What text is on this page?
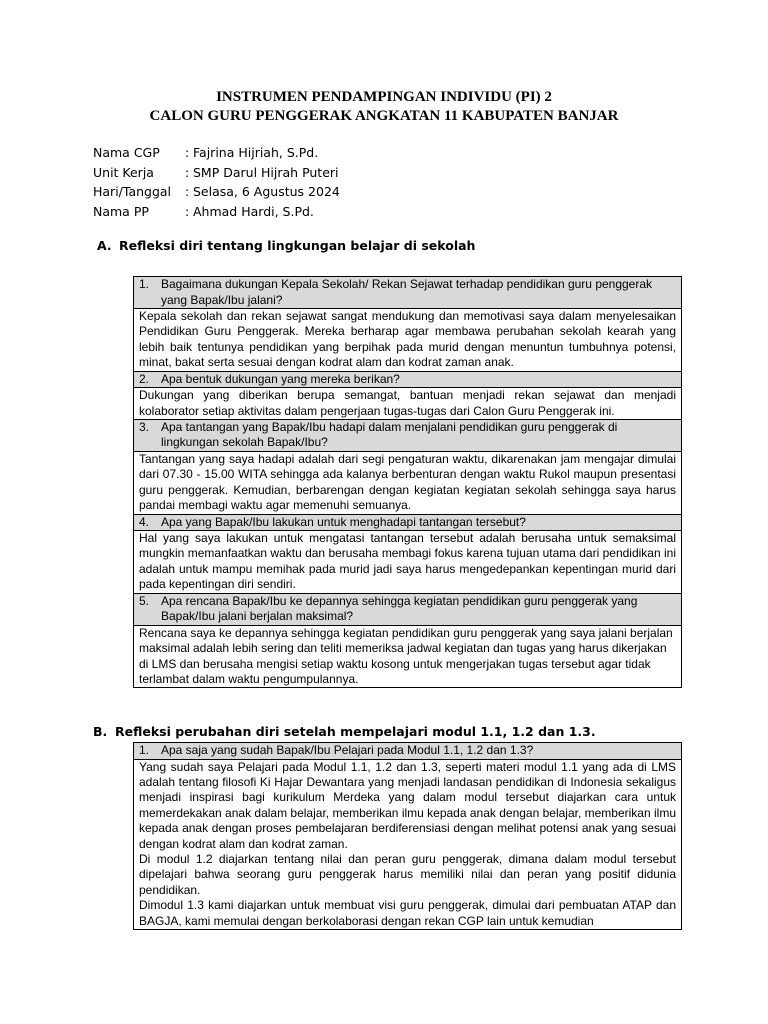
INSTRUMEN PENDAMPINGAN INDIVIDU (PI) 2
CALON GURU PENGGERAK ANGKATAN 11 KABUPATEN BANJAR
Nama CGP	: Fajrina Hijriah, S.Pd.
Unit Kerja	: SMP Darul Hijrah Puteri
Hari/Tanggal	: Selasa, 6 Agustus 2024
Nama PP	: Ahmad Hardi, S.Pd.
A. Refleksi diri tentang lingkungan belajar di sekolah
1. Bagaimana dukungan Kepala Sekolah/ Rekan Sejawat terhadap pendidikan guru penggerak yang Bapak/Ibu jalani?

Kepala sekolah dan rekan sejawat sangat mendukung dan memotivasi saya dalam menyelesaikan Pendidikan Guru Penggerak. Mereka berharap agar membawa perubahan sekolah kearah yang lebih baik tentunya pendidikan yang berpihak pada murid dengan menuntun tumbuhnya potensi, minat, bakat serta sesuai dengan kodrat alam dan kodrat zaman anak.

2. Apa bentuk dukungan yang mereka berikan?

Dukungan yang diberikan berupa semangat, bantuan menjadi rekan sejawat dan menjadi kolaborator setiap aktivitas dalam pengerjaan tugas-tugas dari Calon Guru Penggerak ini.

3. Apa tantangan yang Bapak/Ibu hadapi dalam menjalani pendidikan guru penggerak di lingkungan sekolah Bapak/Ibu?

Tantangan yang saya hadapi adalah dari segi pengaturan waktu, dikarenakan jam mengajar dimulai dari 07.30 - 15.00 WITA sehingga ada kalanya berbenturan dengan waktu Rukol maupun presentasi guru penggerak. Kemudian, berbarengan dengan kegiatan kegiatan sekolah sehingga saya harus pandai membagi waktu agar memenuhi semuanya.

4. Apa yang Bapak/Ibu lakukan untuk menghadapi tantangan tersebut?

Hal yang saya lakukan untuk mengatasi tantangan tersebut adalah berusaha untuk semaksimal mungkin memanfaatkan waktu dan berusaha membagi fokus karena tujuan utama dari pendidikan ini adalah untuk mampu memihak pada murid jadi saya harus mengedepankan kepentingan murid dari pada kepentingan diri sendiri.

5. Apa rencana Bapak/Ibu ke depannya sehingga kegiatan pendidikan guru penggerak yang Bapak/Ibu jalani berjalan maksimal?

Rencana saya ke depannya sehingga kegiatan pendidikan guru penggerak yang saya jalani berjalan maksimal adalah lebih sering dan teliti memeriksa jadwal kegiatan dan tugas yang harus dikerjakan di LMS dan berusaha mengisi setiap waktu kosong untuk mengerjakan tugas tersebut agar tidak terlambat dalam waktu pengumpulannya.

B. Refleksi perubahan diri setelah mempelajari modul 1.1, 1.2 dan 1.3.
1. Apa saja yang sudah Bapak/Ibu Pelajari pada Modul 1.1, 1.2 dan 1.3?

Yang sudah saya Pelajari pada Modul 1.1, 1.2 dan 1.3, seperti materi modul 1.1 yang ada di LMS adalah tentang filosofi Ki Hajar Dewantara yang menjadi landasan pendidikan di Indonesia sekaligus menjadi inspirasi bagi kurikulum Merdeka yang dalam modul tersebut diajarkan cara untuk memerdekakan anak dalam belajar, memberikan ilmu kepada anak dengan belajar, memberikan ilmu kepada anak dengan proses pembelajaran berdiferensiasi dengan melihat potensi anak yang sesuai dengan kodrat alam dan kodrat zaman.

Di modul 1.2 diajarkan tentang nilai dan peran guru penggerak, dimana dalam modul tersebut dipelajari bahwa seorang guru penggerak harus memiliki nilai dan peran yang positif didunia pendidikan.

Dimodul 1.3 kami diajarkan untuk membuat visi guru penggerak, dimulai dari pembuatan ATAP dan BAGJA, kami memulai dengan berkolaborasi dengan rekan CGP lain untuk kemudian
